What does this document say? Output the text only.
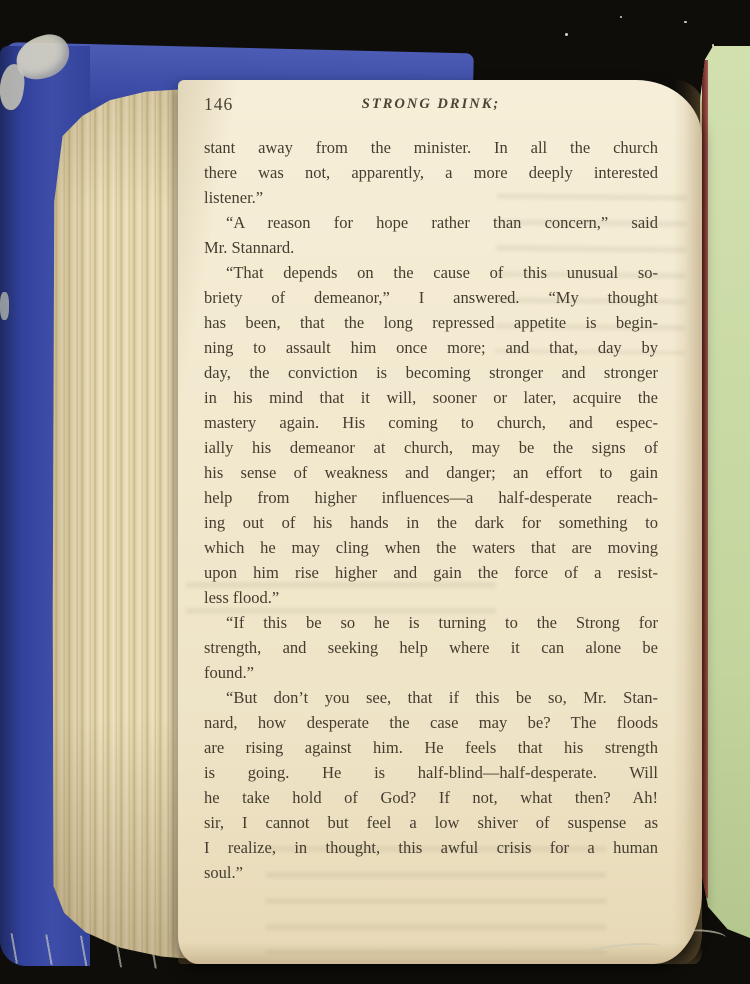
146	STRONG DRINK;
stant away from the minister. In all the church
there was not, apparently, a more deeply interested
listener.”
“A reason for hope rather than concern,” said
Mr. Stannard.
“That depends on the cause of this unusual so-
briety of demeanor,” I answered. “My thought
has been, that the long repressed appetite is begin-
ning to assault him once more; and that, day by
day, the conviction is becoming stronger and stronger
in his mind that it will, sooner or later, acquire the
mastery again. His coming to church, and espec-
ially his demeanor at church, may be the signs of
his sense of weakness and danger; an effort to gain
help from higher influences—a half-desperate reach-
ing out of his hands in the dark for something to
which he may cling when the waters that are moving
upon him rise higher and gain the force of a resist-
less flood.”
“If this be so he is turning to the Strong for
strength, and seeking help where it can alone be
found.”
“But don’t you see, that if this be so, Mr. Stan-
nard, how desperate the case may be? The floods
are rising against him. He feels that his strength
is going. He is half-blind—half-desperate. Will
he take hold of God? If not, what then? Ah!
sir, I cannot but feel a low shiver of suspense as
I realize, in thought, this awful crisis for a human
soul.”
